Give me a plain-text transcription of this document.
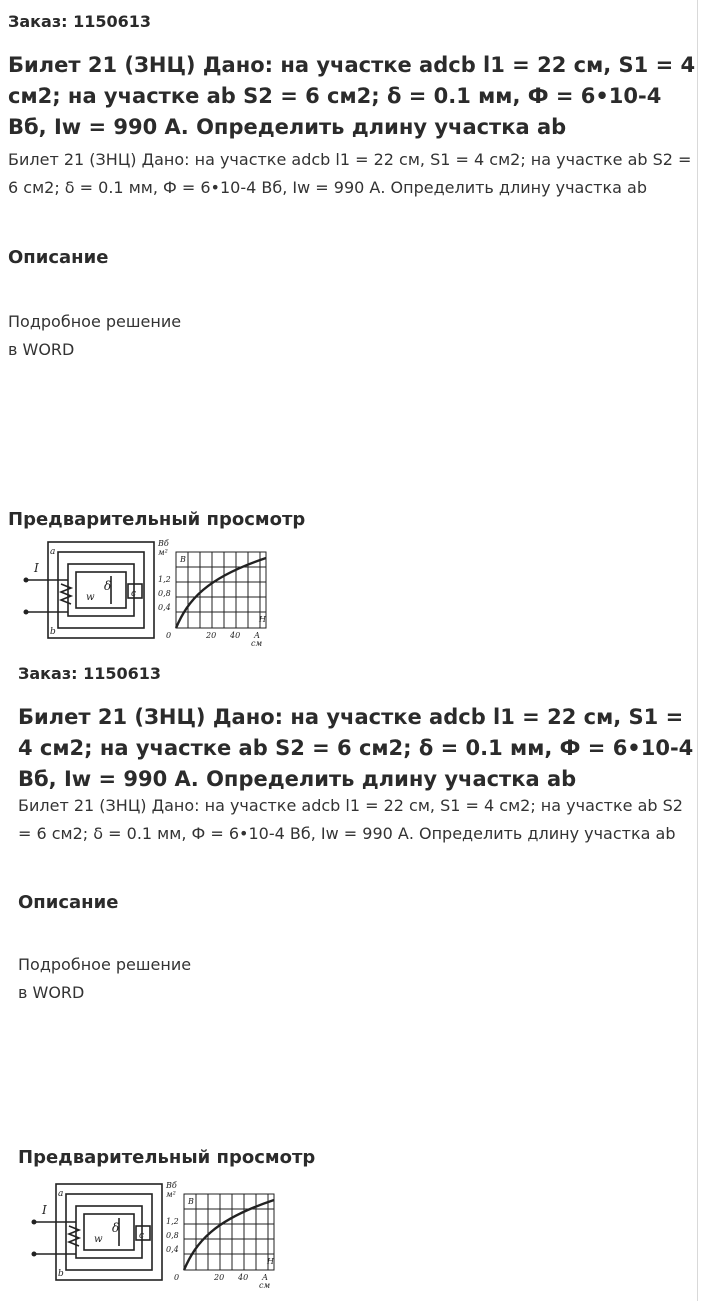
Заказ: 1150613

Билет 21 (ЗНЦ) Дано: на участке adcb l1 = 22 см, S1 = 4 см2; на участке ab S2 = 6 см2; δ = 0.1 мм, Ф = 6•10-4 Вб, Iw = 990 А. Определить длину участка ab

Билет 21 (ЗНЦ) Дано: на участке adcb l1 = 22 см, S1 = 4 см2; на участке ab S2 = 6 см2; δ = 0.1 мм, Ф = 6•10-4 Вб, Iw = 990 А. Определить длину участка ab

Описание

Подробное решение

в WORD

Предварительный просмотр
I
w
δ
a
b
c
Вб
м²
B
1,2
0,8
0,4
0	20 40
H
А
см

Заказ: 1150613

Билет 21 (ЗНЦ) Дано: на участке adcb l1 = 22 см, S1 = 4 см2; на участке ab S2 = 6 см2; δ = 0.1 мм, Ф = 6•10-4 Вб, Iw = 990 А. Определить длину участка ab

Билет 21 (ЗНЦ) Дано: на участке adcb l1 = 22 см, S1 = 4 см2; на участке ab S2 = 6 см2; δ = 0.1 мм, Ф = 6•10-4 Вб, Iw = 990 А. Определить длину участка ab

Описание

Подробное решение

в WORD

Предварительный просмотр
I
w
δ
a
b
c
Вб
м²
B
1,2
0,8
0,4
0	20 40
H
А
см
